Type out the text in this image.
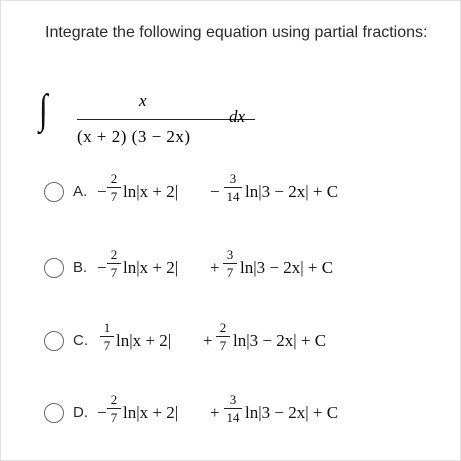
Integrate the following equation using partial fractions:
∫	x
(x + 2) (3 − 2x)
dx
A. −
2
7 ln|x + 2| −
3
14 ln|3 − 2x| + C
B. −
2
7 ln|x + 2| +
3
7 ln|3 − 2x| + C
C.
1
7 ln|x + 2| +
2
7 ln|3 − 2x| + C
D. −
2
7 ln|x + 2| +
3
14 ln|3 − 2x| + C
